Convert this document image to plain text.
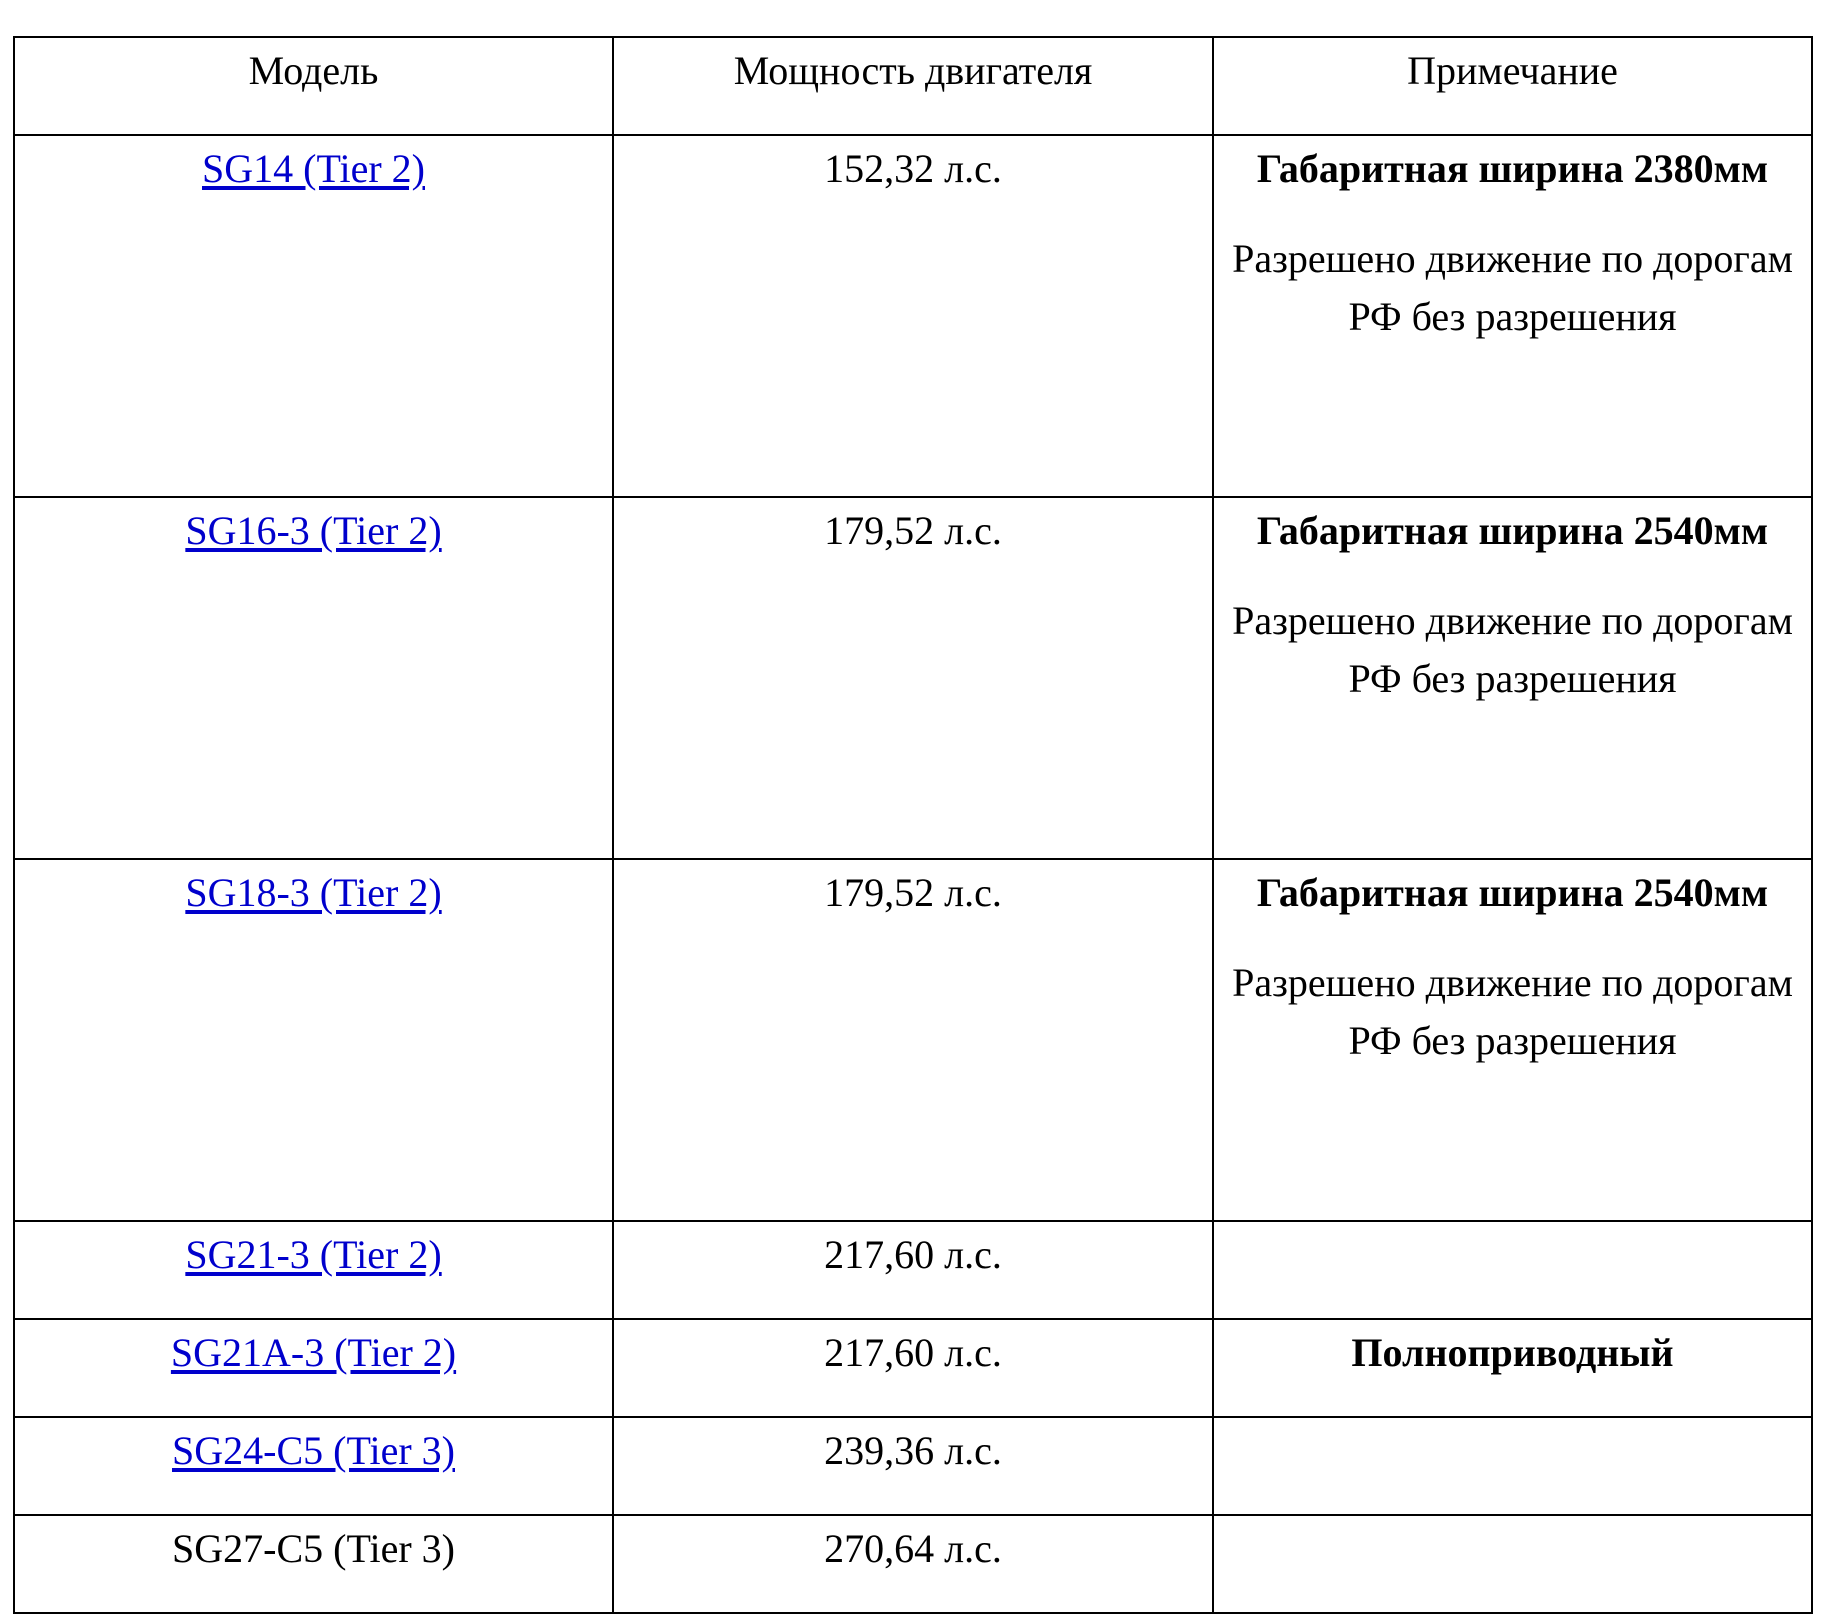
Модель	Мощность двигателя	Примечание
SG14 (Tier 2)	152,32 л.с.	Габаритная ширина 2380мм

Разрешено движение по дорогам РФ без разрешения

SG16-3 (Tier 2)	179,52 л.с.	Габаритная ширина 2540мм

Разрешено движение по дорогам РФ без разрешения

SG18-3 (Tier 2)	179,52 л.с.	Габаритная ширина 2540мм

Разрешено движение по дорогам РФ без разрешения

SG21-3 (Tier 2)	217,60 л.с.	
SG21A-3 (Tier 2)	217,60 л.с.	Полноприводный

SG24-C5 (Tier 3)	239,36 л.с.	
SG27-C5 (Tier 3)	270,64 л.с.	
